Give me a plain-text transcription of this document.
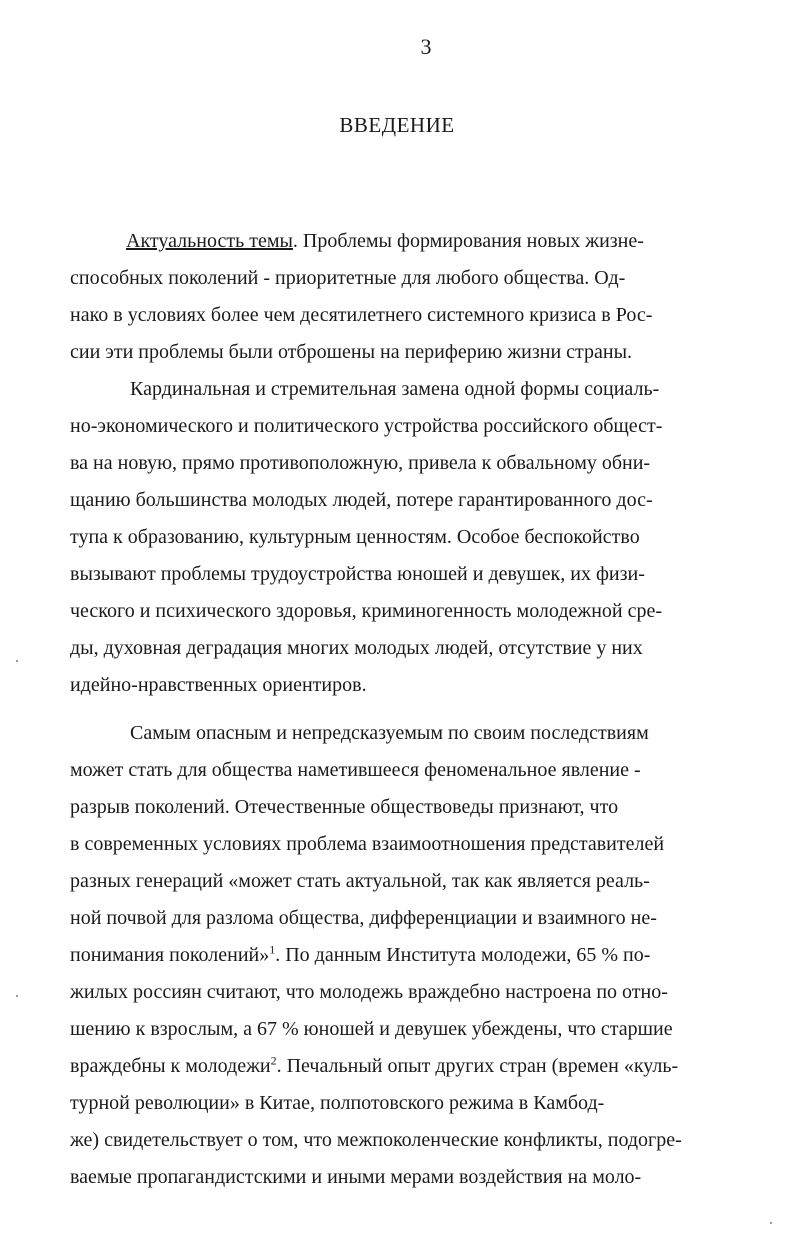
3
ВВЕДЕНИЕ
Актуальность темы. Проблемы формирования новых жизне-
способных поколений - приоритетные для любого общества. Од-
нако в условиях более чем десятилетнего системного кризиса в Рос-
сии эти проблемы были отброшены на периферию жизни страны.
Кардинальная и стремительная замена одной формы социаль-
но-экономического и политического устройства российского общест-
ва на новую, прямо противоположную, привела к обвальному обни-
щанию большинства молодых людей, потере гарантированного дос-
тупа к образованию, культурным ценностям. Особое беспокойство
вызывают проблемы трудоустройства юношей и девушек, их физи-
ческого и психического здоровья, криминогенность молодежной сре-
ды, духовная деградация многих молодых людей, отсутствие у них
идейно-нравственных ориентиров.
Самым опасным и непредсказуемым по своим последствиям
может стать для общества наметившееся феноменальное явление -
разрыв поколений. Отечественные обществоведы признают, что
в современных условиях проблема взаимоотношения представителей
разных генераций «может стать актуальной, так как является реаль-
ной почвой для разлома общества, дифференциации и взаимного не-
понимания поколений»$^1$. По данным Института молодежи, 65 % по-
жилых россиян считают, что молодежь враждебно настроена по отно-
шению к взрослым, а 67 % юношей и девушек убеждены, что старшие
враждебны к молодежи$^2$. Печальный опыт других стран (времен «куль-
турной революции» в Китае, полпотовского режима в Камбод-
же) свидетельствует о том, что межпоколенческие конфликты, подогре-
ваемые пропагандистскими и иными мерами воздействия на моло-
